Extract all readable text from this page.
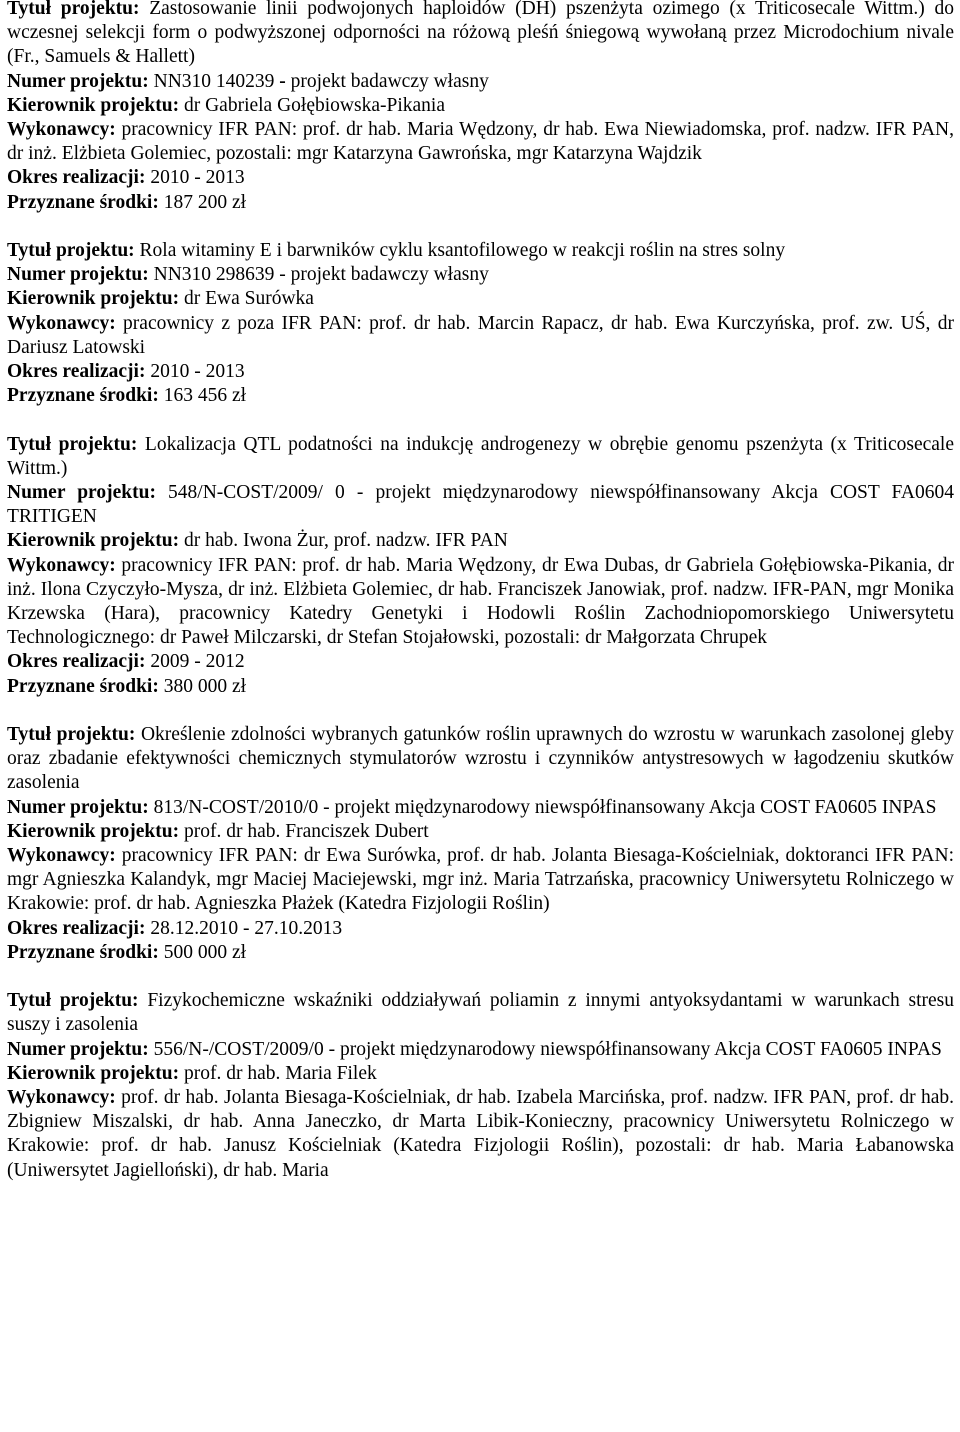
Tytuł projektu: Zastosowanie linii podwojonych haploidów (DH) pszenżyta ozimego (x Triticosecale Wittm.) do wczesnej selekcji form o podwyższonej odporności na różową pleśń śniegową wywołaną przez Microdochium nivale (Fr., Samuels & Hallett)

Numer projektu: NN310 140239 - projekt badawczy własny

Kierownik projektu: dr Gabriela Gołębiowska-Pikania

Wykonawcy: pracownicy IFR PAN: prof. dr hab. Maria Wędzony, dr hab. Ewa Niewiadomska, prof. nadzw. IFR PAN, dr inż. Elżbieta Golemiec, pozostali: mgr Katarzyna Gawrońska, mgr Katarzyna Wajdzik

Okres realizacji: 2010 - 2013

Przyznane środki: 187 200 zł

Tytuł projektu: Rola witaminy E i barwników cyklu ksantofilowego w reakcji roślin na stres solny

Numer projektu: NN310 298639 - projekt badawczy własny

Kierownik projektu: dr Ewa Surówka

Wykonawcy: pracownicy z poza IFR PAN: prof. dr hab. Marcin Rapacz, dr hab. Ewa Kurczyńska, prof. zw. UŚ, dr Dariusz Latowski

Okres realizacji: 2010 - 2013

Przyznane środki: 163 456 zł

Tytuł projektu: Lokalizacja QTL podatności na indukcję androgenezy w obrębie genomu pszenżyta (x Triticosecale Wittm.)

Numer projektu: 548/N-COST/2009/ 0 - projekt międzynarodowy niewspółfinansowany Akcja COST FA0604 TRITIGEN

Kierownik projektu: dr hab. Iwona Żur, prof. nadzw. IFR PAN

Wykonawcy: pracownicy IFR PAN: prof. dr hab. Maria Wędzony, dr Ewa Dubas, dr Gabriela Gołębiowska-Pikania, dr inż. Ilona Czyczyło-Mysza, dr inż. Elżbieta Golemiec, dr hab. Franciszek Janowiak, prof. nadzw. IFR-PAN, mgr Monika Krzewska (Hara), pracownicy Katedry Genetyki i Hodowli Roślin Zachodniopomorskiego Uniwersytetu Technologicznego: dr Paweł Milczarski, dr Stefan Stojałowski, pozostali: dr Małgorzata Chrupek

Okres realizacji: 2009 - 2012

Przyznane środki: 380 000 zł

Tytuł projektu: Określenie zdolności wybranych gatunków roślin uprawnych do wzrostu w warunkach zasolonej gleby oraz zbadanie efektywności chemicznych stymulatorów wzrostu i czynników antystresowych w łagodzeniu skutków zasolenia

Numer projektu: 813/N-COST/2010/0 - projekt międzynarodowy niewspółfinansowany Akcja COST FA0605 INPAS

Kierownik projektu: prof. dr hab. Franciszek Dubert

Wykonawcy: pracownicy IFR PAN: dr Ewa Surówka, prof. dr hab. Jolanta Biesaga-Kościelniak, doktoranci IFR PAN: mgr Agnieszka Kalandyk, mgr Maciej Maciejewski, mgr inż. Maria Tatrzańska, pracownicy Uniwersytetu Rolniczego w Krakowie: prof. dr hab. Agnieszka Płażek (Katedra Fizjologii Roślin)

Okres realizacji: 28.12.2010 - 27.10.2013

Przyznane środki: 500 000 zł

Tytuł projektu: Fizykochemiczne wskaźniki oddziaływań poliamin z innymi antyoksydantami w warunkach stresu suszy i zasolenia

Numer projektu: 556/N-/COST/2009/0 - projekt międzynarodowy niewspółfinansowany Akcja COST FA0605 INPAS

Kierownik projektu: prof. dr hab. Maria Filek

Wykonawcy: prof. dr hab. Jolanta Biesaga-Kościelniak, dr hab. Izabela Marcińska, prof. nadzw. IFR PAN, prof. dr hab. Zbigniew Miszalski, dr hab. Anna Janeczko, dr Marta Libik-Konieczny, pracownicy Uniwersytetu Rolniczego w Krakowie: prof. dr hab. Janusz Kościelniak (Katedra Fizjologii Roślin), pozostali: dr hab. Maria Łabanowska (Uniwersytet Jagielloński), dr hab. Maria
